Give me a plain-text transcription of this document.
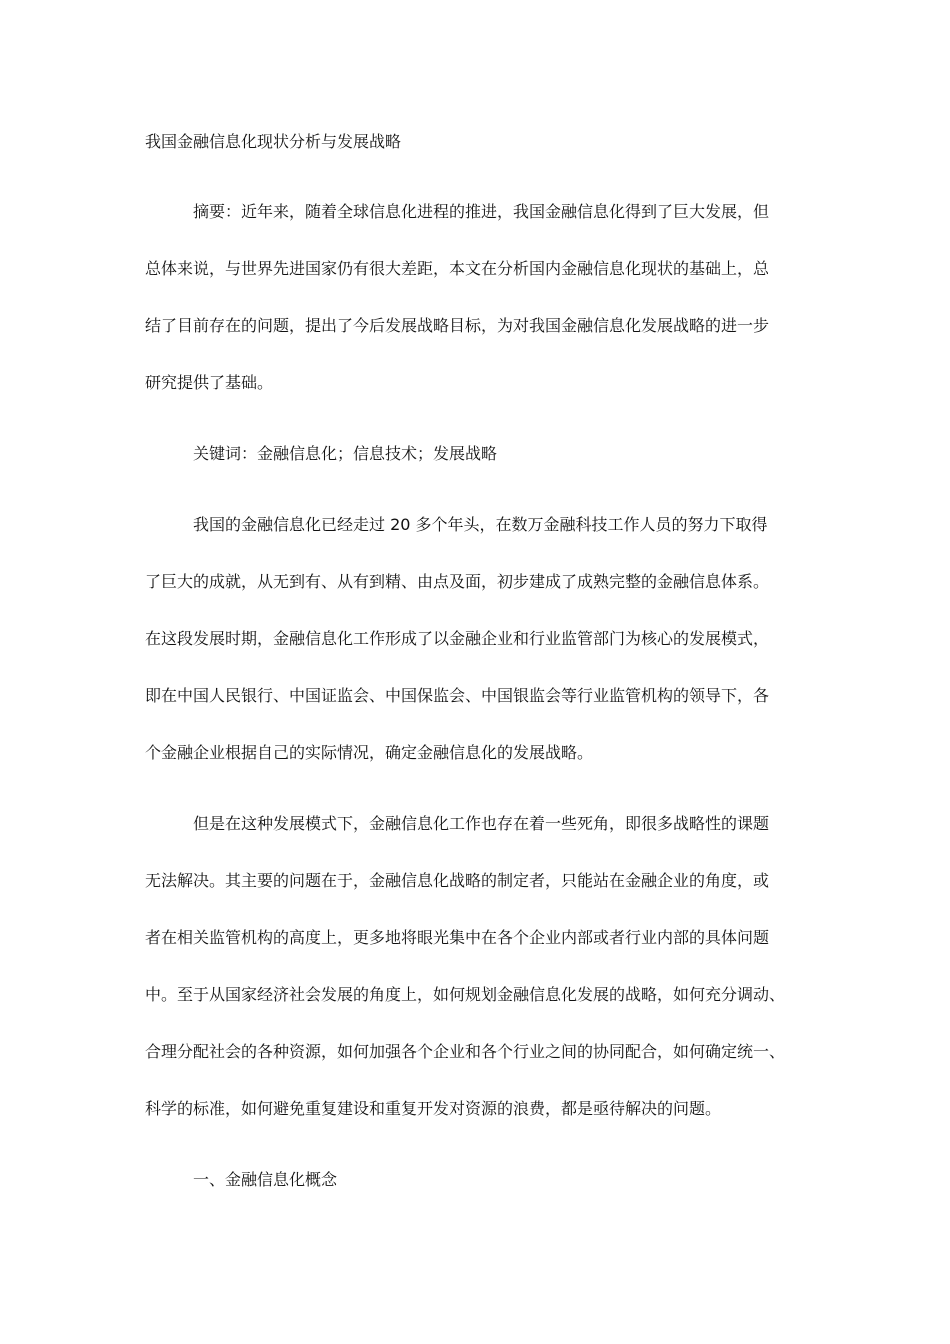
我国金融信息化现状分析与发展战略
摘要：近年来，随着全球信息化进程的推进，我国金融信息化得到了巨大发展，但
总体来说，与世界先进国家仍有很大差距，本文在分析国内金融信息化现状的基础上，总
结了目前存在的问题，提出了今后发展战略目标，为对我国金融信息化发展战略的进一步
研究提供了基础。
关键词：金融信息化；信息技术；发展战略
我国的金融信息化已经走过 20 多个年头，在数万金融科技工作人员的努力下取得
了巨大的成就，从无到有、从有到精、由点及面，初步建成了成熟完整的金融信息体系。
在这段发展时期，金融信息化工作形成了以金融企业和行业监管部门为核心的发展模式，
即在中国人民银行、中国证监会、中国保监会、中国银监会等行业监管机构的领导下，各
个金融企业根据自己的实际情况，确定金融信息化的发展战略。
但是在这种发展模式下，金融信息化工作也存在着一些死角，即很多战略性的课题
无法解决。其主要的问题在于，金融信息化战略的制定者，只能站在金融企业的角度，或
者在相关监管机构的高度上，更多地将眼光集中在各个企业内部或者行业内部的具体问题
中。至于从国家经济社会发展的角度上，如何规划金融信息化发展的战略，如何充分调动、
合理分配社会的各种资源，如何加强各个企业和各个行业之间的协同配合，如何确定统一、
科学的标准，如何避免重复建设和重复开发对资源的浪费，都是亟待解决的问题。
一、金融信息化概念
